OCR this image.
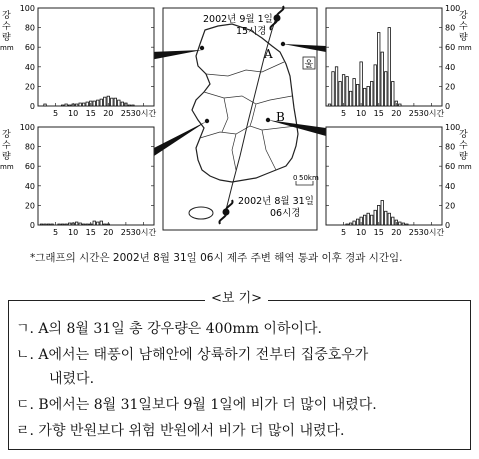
A
B
울
2002년 9월 1일
15시경
2002년 8월 31일
06시경
0 50km
강
수
량
mm
강
수
량
mm
강
수
량
mm
강
수
량
mm
0
20
40
60
80
100
5 10 15 20 25 30시간
0
20
40
60
80
100
5 10 15 20 25 30시간
0
20
40
60
80
100
5 10 15 20 25 30시간
0
20
40
60
80
100
5 10 15 20 25 30시간
*그래프의 시간은 2002년 8월 31일 06시 제주 주변 해역 통과 이후 경과 시간임.
<보 기>
ㄱ. A의 8월 31일 총 강우량은 400mm 이하이다.
ㄴ. A에서는 태풍이 남해안에 상륙하기 전부터 집중호우가
내렸다.
ㄷ. B에서는 8월 31일보다 9월 1일에 비가 더 많이 내렸다.
ㄹ. 가향 반원보다 위험 반원에서 비가 더 많이 내렸다.
